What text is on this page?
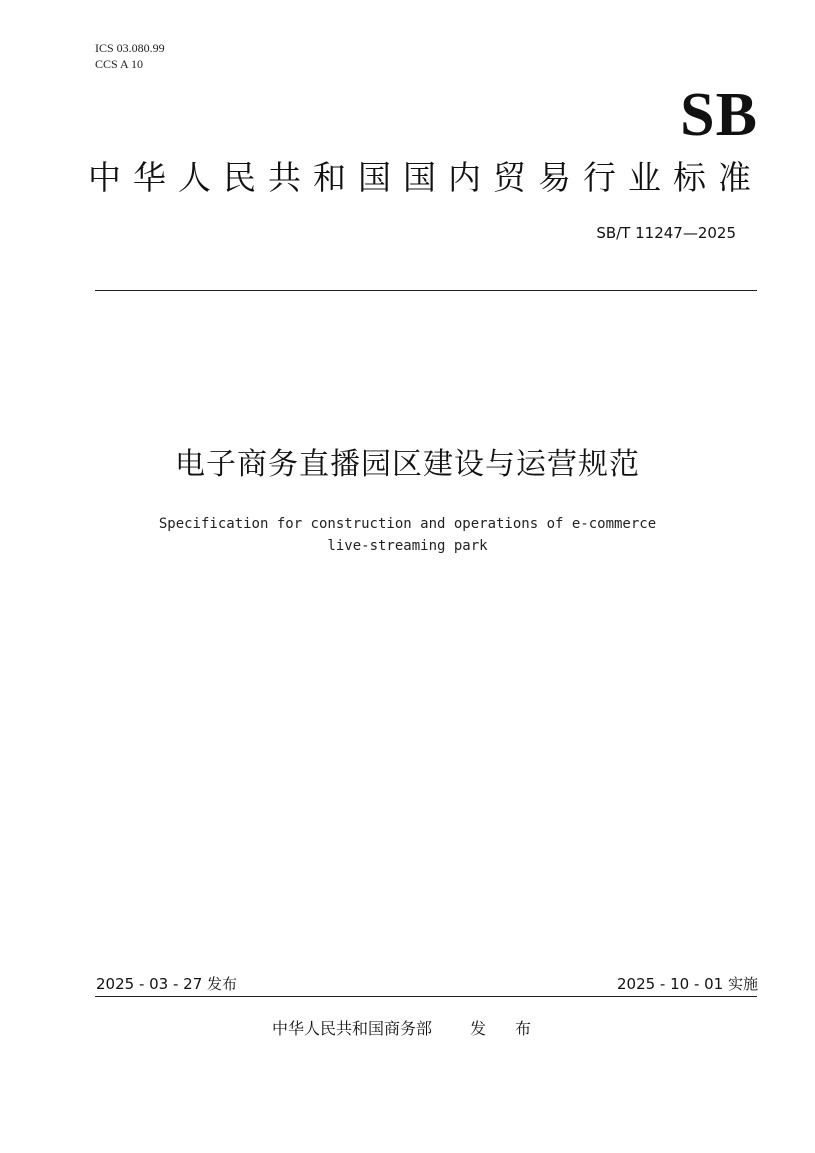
ICS 03.080.99
CCS A 10
SB
中华人民共和国国内贸易行业标准
SB/T 11247—2025
电子商务直播园区建设与运营规范
Specification for construction and operations of e-commerce
live-streaming park
2025 - 03 - 27 发布	2025 - 10 - 01 实施
中华人民共和国商务部 发 布
